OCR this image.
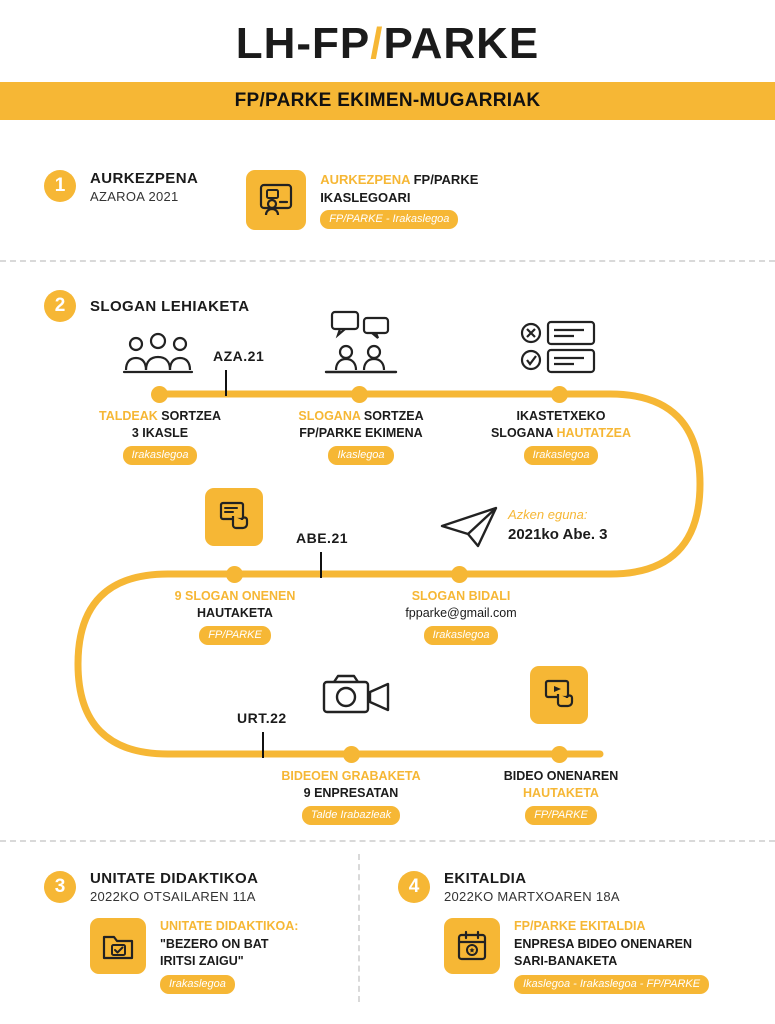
LH-FP/PARKE
FP/PARKE EKIMEN-MUGARRIAK
1	AURKEZPENA
AZAROA 2021
AURKEZPENA FP/PARKE
IKASLEGOARI
FP/PARKE - Irakaslegoa
2	SLOGAN LEHIAKETA
AZA.21
TALDEAK SORTZEA
3 IKASLE
Irakaslegoa
SLOGANA SORTZEA
FP/PARKE EKIMENA
Ikaslegoa
IKASTETXEKO
SLOGANA HAUTATZEA
Irakaslegoa
ABE.21
Azken eguna:
2021ko Abe. 3
9 SLOGAN ONENEN
HAUTAKETA
FP/PARKE
SLOGAN BIDALI
fpparke@gmail.com
Irakaslegoa
URT.22
BIDEOEN GRABAKETA
9 ENPRESATAN
Talde Irabazleak
BIDEO ONENAREN
HAUTAKETA
FP/PARKE
3	UNITATE DIDAKTIKOA
2022KO OTSAILAREN 11A
UNITATE DIDAKTIKOA:
"BEZERO ON BAT
IRITSI ZAIGU"
Irakaslegoa
4	EKITALDIA
2022KO MARTXOAREN 18A
FP/PARKE EKITALDIA
ENPRESA BIDEO ONENAREN
SARI-BANAKETA
Ikaslegoa - Irakaslegoa - FP/PARKE
